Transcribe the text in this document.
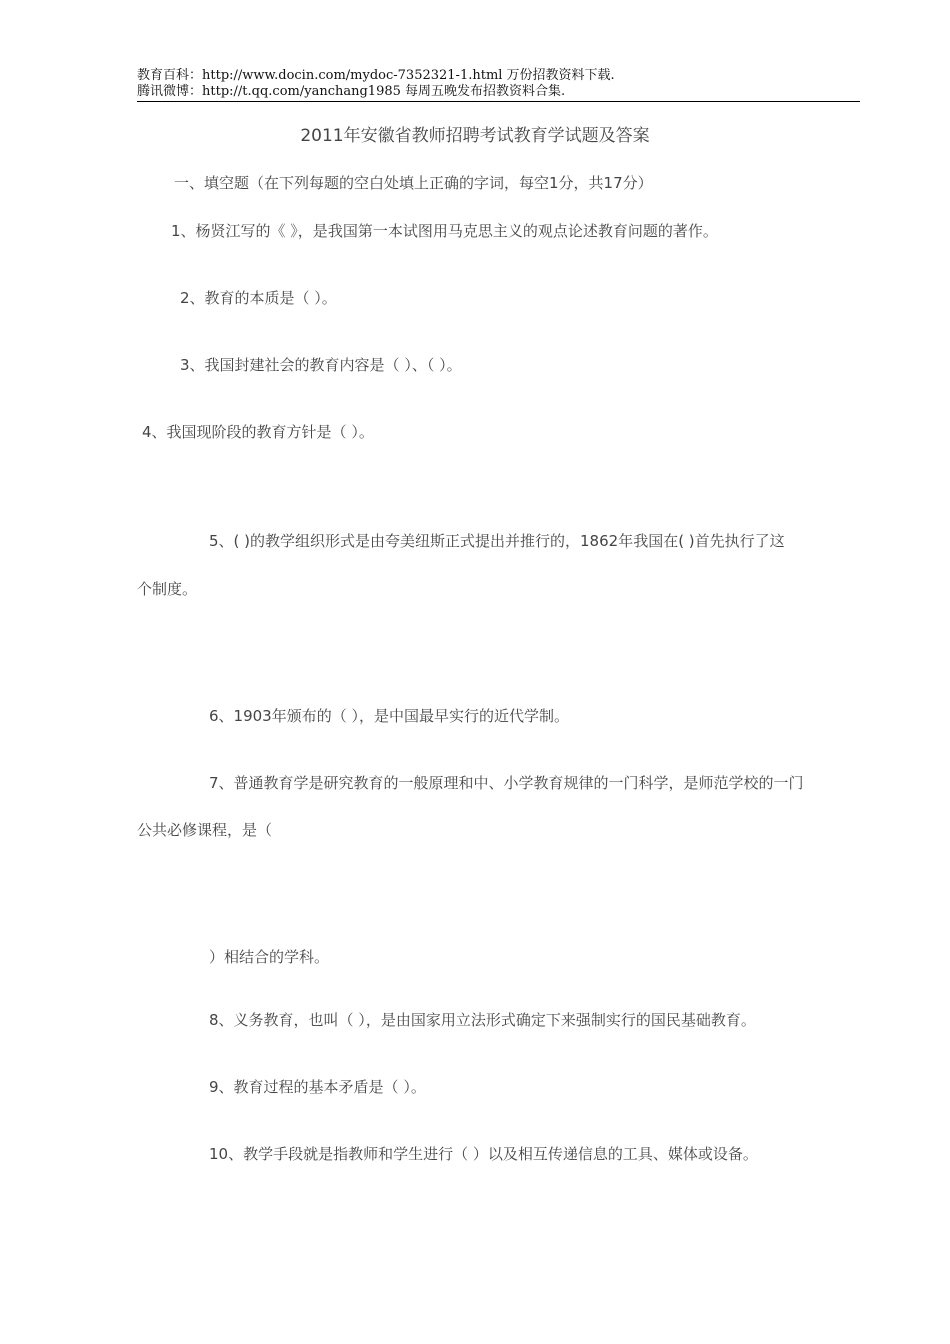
教育百科：http://www.docin.com/mydoc-7352321-1.html 万份招教资料下载.
腾讯微博：http://t.qq.com/yanchang1985 每周五晚发布招教资料合集.
2011年安徽省教师招聘考试教育学试题及答案
一、填空题（在下列每题的空白处填上正确的字词，每空1分，共17分）
1、杨贤江写的《 》，是我国第一本试图用马克思主义的观点论述教育问题的著作。
2、教育的本质是（ ）。
3、我国封建社会的教育内容是（ ）、（ ）。
4、我国现阶段的教育方针是（ ）。
5、( )的教学组织形式是由夸美纽斯正式提出并推行的，1862年我国在( )首先执行了这
个制度。
6、1903年颁布的（ ），是中国最早实行的近代学制。
7、普通教育学是研究教育的一般原理和中、小学教育规律的一门科学，是师范学校的一门
公共必修课程，是（
）相结合的学科。
8、义务教育，也叫（ ），是由国家用立法形式确定下来强制实行的国民基础教育。
9、教育过程的基本矛盾是（ ）。
10、教学手段就是指教师和学生进行（ ）以及相互传递信息的工具、媒体或设备。
